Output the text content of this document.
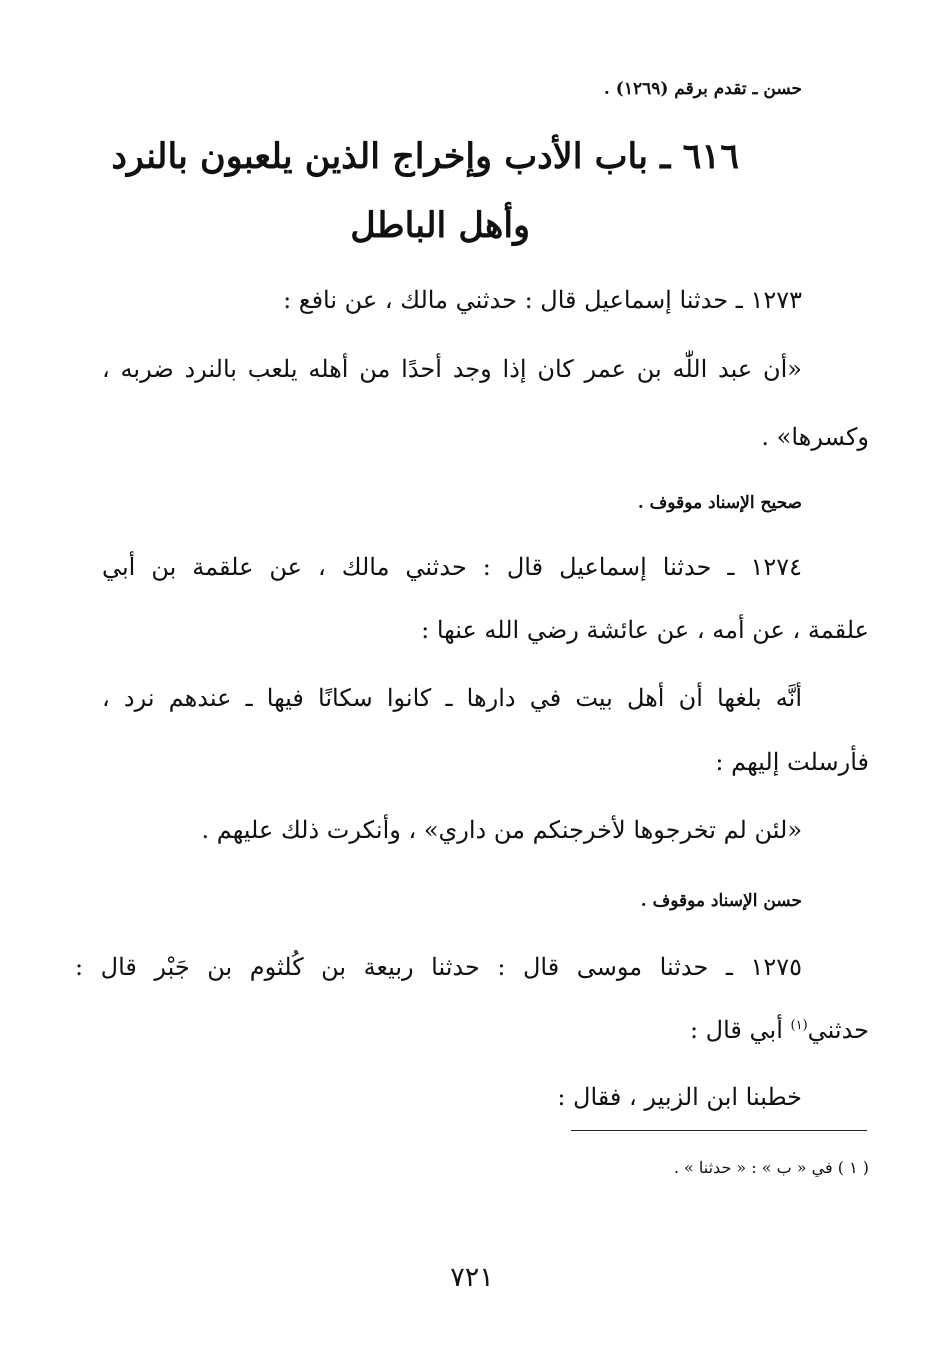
حسن ـ تقدم برقم (١٢٦٩) .
٦١٦ ـ باب الأدب وإخراج الذين يلعبون بالنرد
وأهل الباطل
١٢٧٣ ـ حدثنا إسماعيل قال : حدثني مالك ، عن نافع :
«أن عبد اللّٰه بن عمر كان إذا وجد أحدًا من أهله يلعب بالنرد ضربه ،
وكسرها» .
صحيح الإسناد موقوف .
١٢٧٤ ـ حدثنا إسماعيل قال : حدثني مالك ، عن علقمة بن أبي
علقمة ، عن أمه ، عن عائشة رضي الله عنها :
أنَّه بلغها أن أهل بيت في دارها ـ كانوا سكانًا فيها ـ عندهم نرد ،
فأرسلت إليهم :
«لئن لم تخرجوها لأخرجنكم من داري» ، وأنكرت ذلك عليهم .
حسن الإسناد موقوف .
١٢٧٥ ـ حدثنا موسى قال : حدثنا ربيعة بن كُلثوم بن جَبْر قال :
حدثني$^{(١)}$ أبي قال :
خطبنا ابن الزبير ، فقال :
( ١ ) في « ب » : « حدثنا » .
٧٢١
